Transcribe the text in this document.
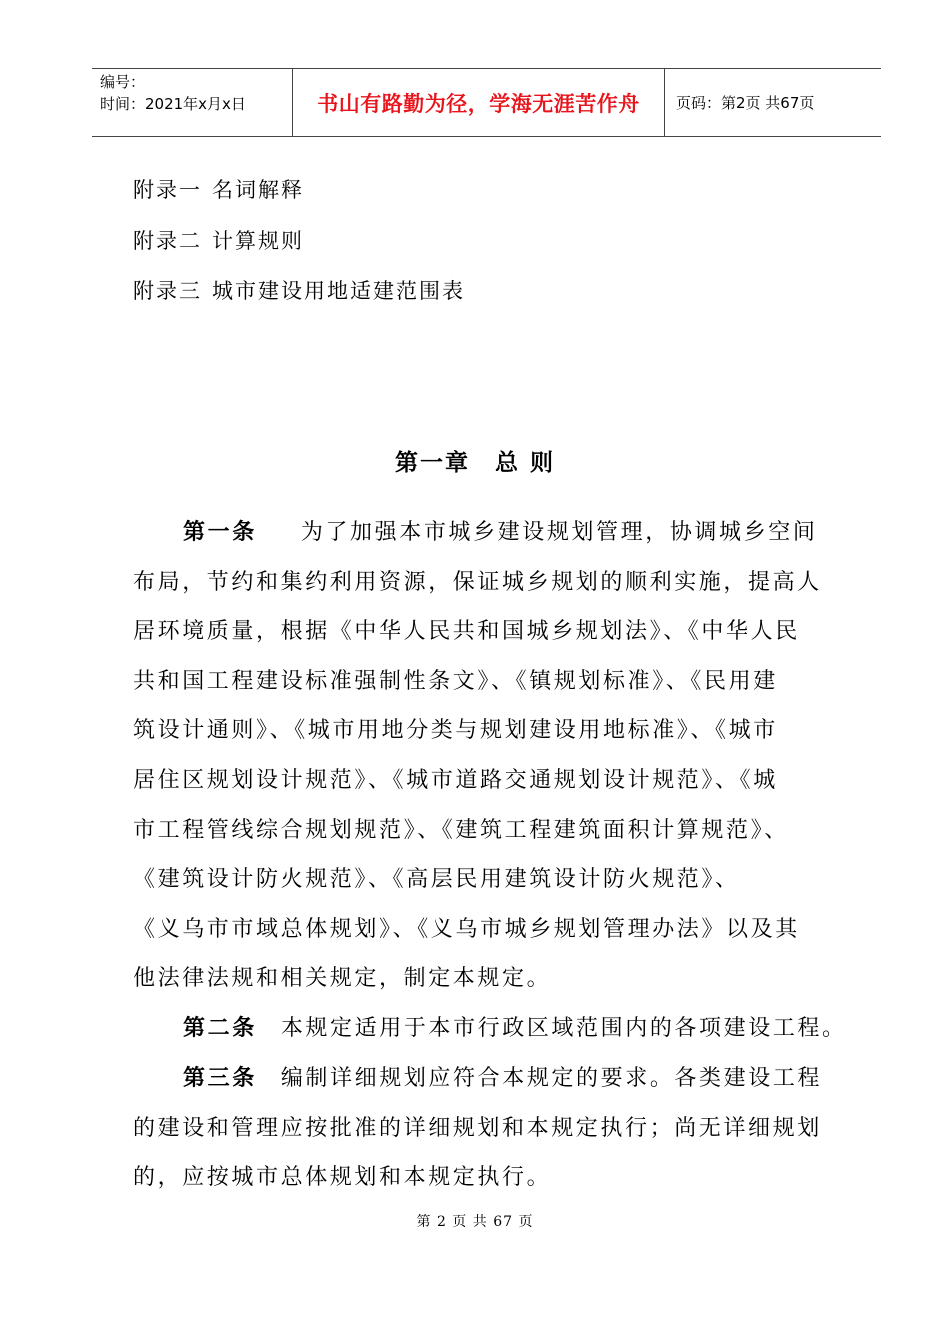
编号：
时间：2021年x月x日	书山有路勤为径，学海无涯苦作舟	页码：第2页 共67页
附录一 名词解释
附录二 计算规则
附录三 城市建设用地适建范围表
第一章　总 则
第一条 为了加强本市城乡建设规划管理，协调城乡空间
布局，节约和集约利用资源，保证城乡规划的顺利实施，提高人
居环境质量，根据《中华人民共和国城乡规划法》、《中华人民
共和国工程建设标准强制性条文》、《镇规划标准》、《民用建
筑设计通则》、《城市用地分类与规划建设用地标准》、《城市
居住区规划设计规范》、《城市道路交通规划设计规范》、《城
市工程管线综合规划规范》、《建筑工程建筑面积计算规范》、
《建筑设计防火规范》、《高层民用建筑设计防火规范》、
《义乌市市域总体规划》、《义乌市城乡规划管理办法》以及其
他法律法规和相关规定，制定本规定。
第二条 本规定适用于本市行政区域范围内的各项建设工程。
第三条 编制详细规划应符合本规定的要求。各类建设工程
的建设和管理应按批准的详细规划和本规定执行；尚无详细规划
的，应按城市总体规划和本规定执行。
第 2 页 共 67 页
